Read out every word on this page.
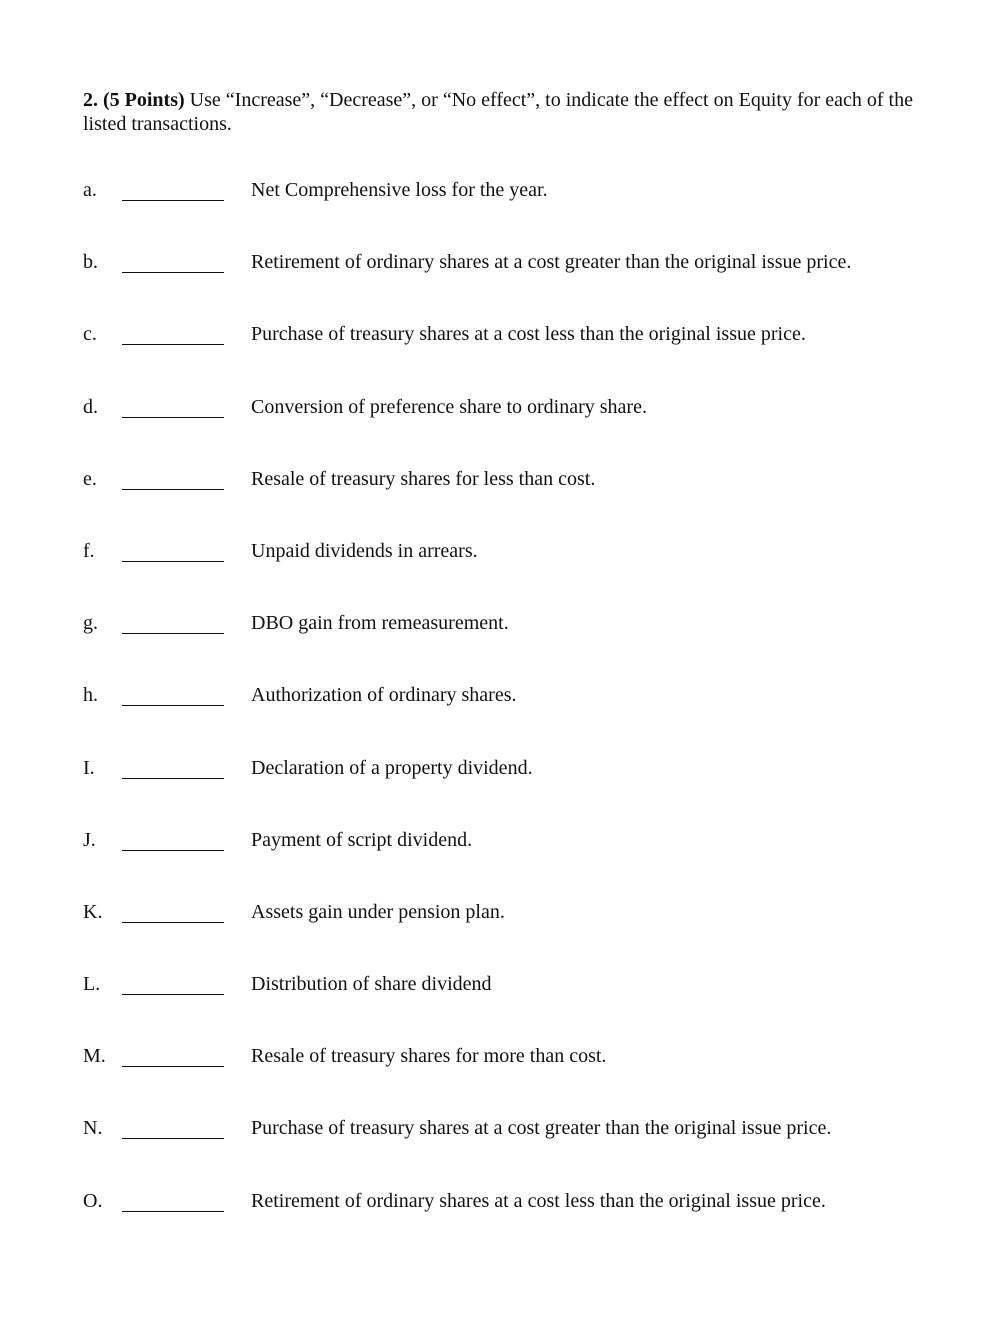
2. (5 Points) Use “Increase”, “Decrease”, or “No effect”, to indicate the effect on Equity for each of the listed transactions.
a.	Net Comprehensive loss for the year.
b.	Retirement of ordinary shares at a cost greater than the original issue price.
c.	Purchase of treasury shares at a cost less than the original issue price.
d.	Conversion of preference share to ordinary share.
e.	Resale of treasury shares for less than cost.
f.	Unpaid dividends in arrears.
g.	DBO gain from remeasurement.
h.	Authorization of ordinary shares.
I.	Declaration of a property dividend.
J.	Payment of script dividend.
K.	Assets gain under pension plan.
L.	Distribution of share dividend
M.	Resale of treasury shares for more than cost.
N.	Purchase of treasury shares at a cost greater than the original issue price.
O.	Retirement of ordinary shares at a cost less than the original issue price.
